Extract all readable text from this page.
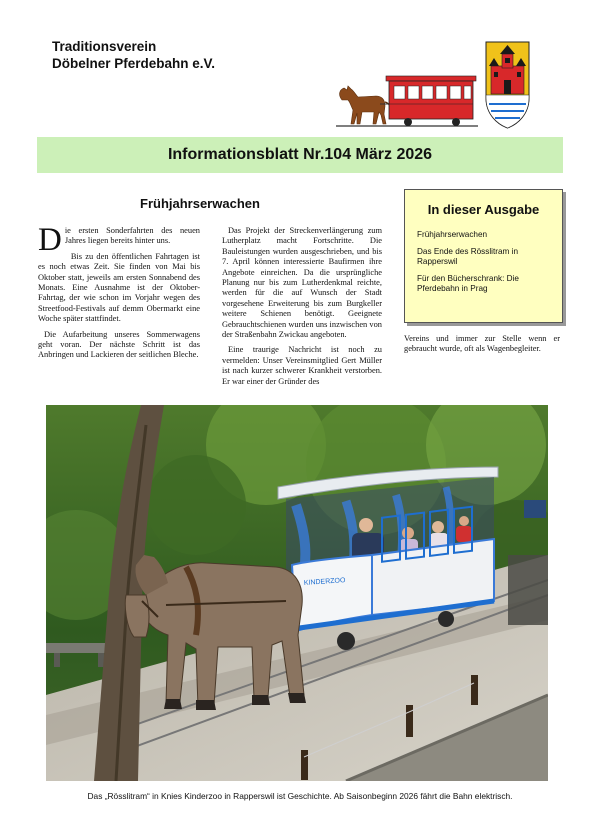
Traditionsverein
Döbelner Pferdebahn e.V.
Informationsblatt Nr.104 März 2026
Frühjahrserwachen

Die ersten Sonderfahrten des neuen Jahres liegen bereits hinter uns.

Bis zu den öffentlichen Fahrtagen ist es noch etwas Zeit. Sie finden von Mai bis Oktober statt, jeweils am ersten Sonnabend des Monats. Eine Ausnahme ist der Oktober-Fahrtag, der wie schon im Vorjahr wegen des Streetfood-Festivals auf demm Obermarkt eine Woche später stattfindet.

Die Aufarbeitung unseres Sommerwagens geht voran. Der nächste Schritt ist das Anbringen und Lackieren der seitlichen Bleche.

Das Projekt der Streckenverlängerung zum Lutherplatz macht Fortschritte. Die Bauleistungen wurden ausgeschrieben, und bis 7. April können interessierte Baufirmen ihre Angebote einreichen. Da die ursprüngliche Planung nur bis zum Lutherdenkmal reichte, werden für die auf Wunsch der Stadt vorgesehene Erweiterung bis zum Burgkeller weitere Schienen benötigt. Geeignete Gebrauchtschienen wurden uns inzwischen von der Straßenbahn Zwickau angeboten.

Eine traurige Nachricht ist noch zu vermelden: Unser Vereinsmitglied Gert Müller ist nach kurzer schwerer Krankheit verstorben. Er war einer der Gründer des

In dieser Ausgabe
Frühjahrserwachen
Das Ende des Rösslitram in Rapperswil
Für den Bücherschrank: Die Pferdebahn in Prag

Vereins und immer zur Stelle wenn er gebraucht wurde, oft als Wagenbegleiter.

KINDERZOO
Das „Rösslitram“ in Knies Kinderzoo in Rapperswil ist Geschichte. Ab Saisonbeginn 2026 fährt die Bahn elektrisch.
